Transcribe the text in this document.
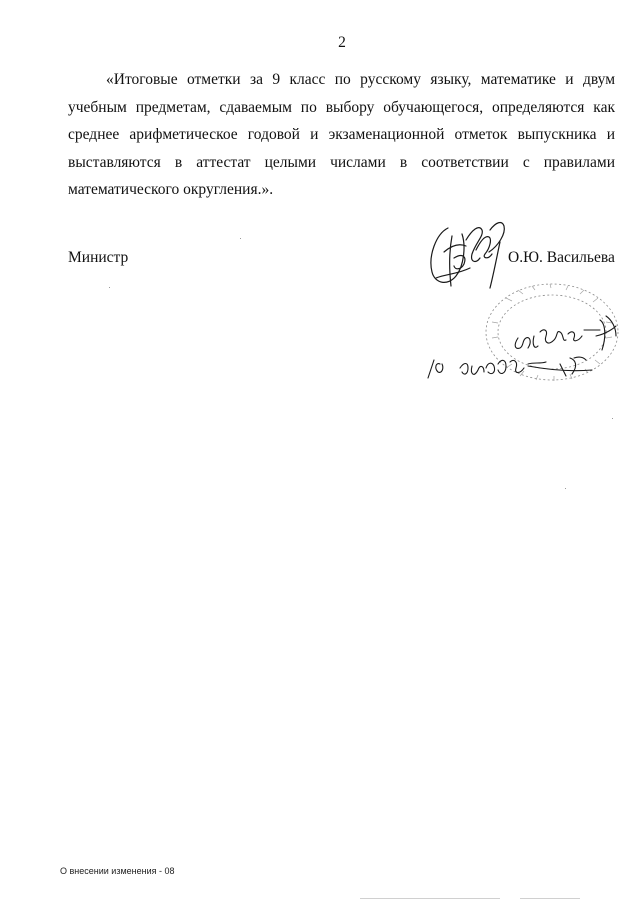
2

«Итоговые отметки за 9 класс по русскому языку, математике и двум учебным предметам, сдаваемым по выбору обучающегося, определяются как среднее арифметическое годовой и экзаменационной отметок выпускника и выставляются в аттестат целыми числами в соответствии с правилами математического округления.».

Министр	О.Ю. Васильева
О внесении изменения - 08
